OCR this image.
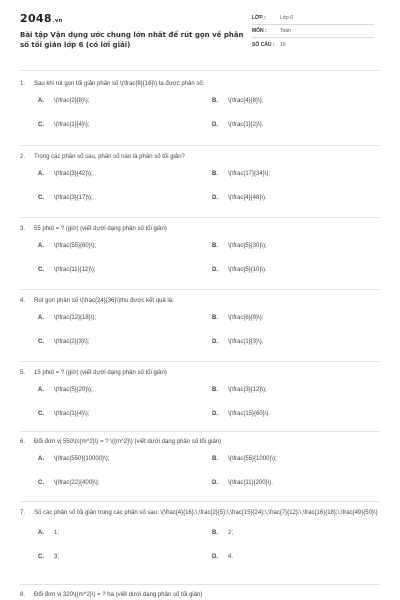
2048.vn
Bài tập Vận dụng ước chung lớn nhất để rút gọn về phân số tối giản lớp 6 (có lời giải)
LỚP :	Lớp 6
MÔN :	Toán
SỐ CÂU :	10
1.	Sau khi rút gọn tối giản phân số \(\frac{8}{16}\) ta được phân số:
A. \(\frac{2}{8}\);	B. \(\frac{4}{8}\);
C. \(\frac{1}{4}\);	D. \(\frac{1}{2}\).
2.	Trong các phân số sau, phân số nào là phân số tối giản?
A. \(\frac{3}{42}\);	B. \(\frac{17}{34}\);
C. \(\frac{3}{17}\);	D. \(\frac{4}{48}\).
3.	55 phút = ? (giờ) (viết dưới dạng phân số tối giản)
A. \(\frac{55}{60}\);	B. \(\frac{5}{30}\);
C. \(\frac{11}{12}\);	D. \(\frac{5}{10}\).
4.	Rút gọn phân số \(\frac{24}{36}\)thu được kết quả là:
A. \(\frac{12}{18}\);	B. \(\frac{6}{9}\);
C. \(\frac{2}{3}\);	D. \(\frac{1}{3}\).
5.	15 phút = ? (giờ) (viết dưới dạng phân số tối giản)
A. \(\frac{5}{20}\);	B. \(\frac{3}{12}\);
C. \(\frac{1}{4}\);	D. \(\frac{15}{60}\).
6.	Đổi đơn vị 550\(c{m^2}\) = ? \({m^2}\) (viết dưới dạng phân số tối giản)
A. \(\frac{550}{10000}\);	B. \(\frac{55}{1000}\);
C. \(\frac{22}{400}\);	D. \(\frac{11}{200}\).
7.	Số các phân số tối giản trong các phân số sau: \(\frac{4}{16};\,\frac{2}{5};\,\frac{15}{24};\,\frac{7}{12};\,\frac{16}{18};\,\frac{49}{50}\)
A. 1;	B. 2;
C. 3;	D. 4.
8.	Đổi đơn vị 320\({m^2}\) = ? ha (viết dưới dạng phân số tối giản)
